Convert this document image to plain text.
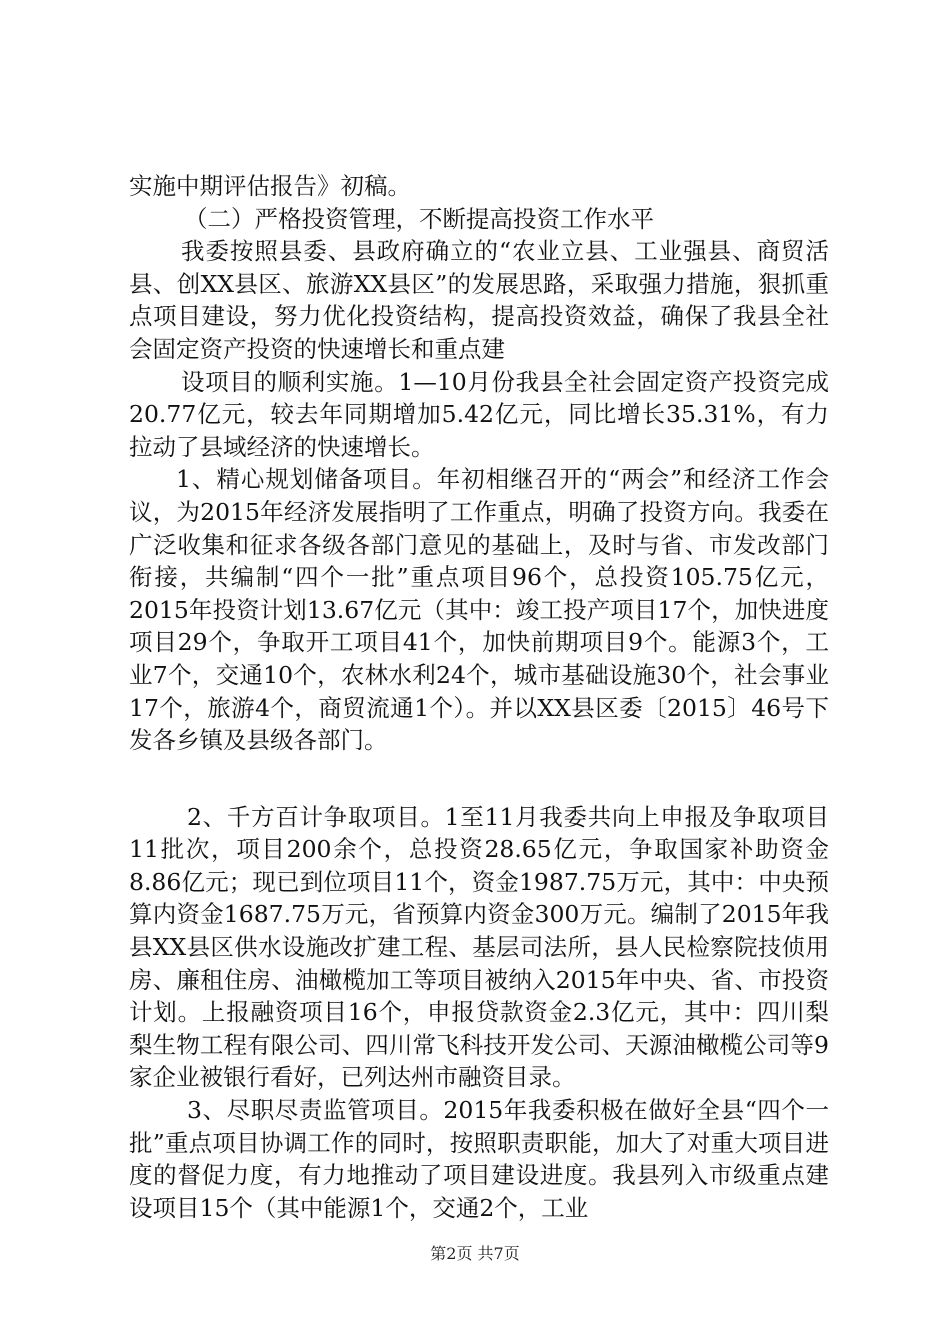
实施中期评估报告》初稿。

（二）严格投资管理，不断提高投资工作水平

我委按照县委、县政府确立的“农业立县、工业强县、商贸活县、创XX县区、旅游XX县区”的发展思路，采取强力措施，狠抓重点项目建设，努力优化投资结构，提高投资效益，确保了我县全社会固定资产投资的快速增长和重点建

设项目的顺利实施。1—10月份我县全社会固定资产投资完成20.77亿元，较去年同期增加5.42亿元，同比增长35.31%，有力拉动了县域经济的快速增长。

1、精心规划储备项目。年初相继召开的“两会”和经济工作会议，为2015年经济发展指明了工作重点，明确了投资方向。我委在广泛收集和征求各级各部门意见的基础上，及时与省、市发改部门衔接，共编制“四个一批”重点项目96个，总投资105.75亿元，2015年投资计划13.67亿元（其中：竣工投产项目17个，加快进度项目29个，争取开工项目41个，加快前期项目9个。能源3个，工业7个，交通10个，农林水利24个，城市基础设施30个，社会事业17个，旅游4个，商贸流通1个）。并以XX县区委〔2015〕46号下发各乡镇及县级各部门。

2、千方百计争取项目。1至11月我委共向上申报及争取项目11批次，项目200余个，总投资28.65亿元，争取国家补助资金8.86亿元；现已到位项目11个，资金1987.75万元，其中：中央预算内资金1687.75万元，省预算内资金300万元。编制了2015年我县XX县区供水设施改扩建工程、基层司法所，县人民检察院技侦用房、廉租住房、油橄榄加工等项目被纳入2015年中央、省、市投资计划。上报融资项目16个，申报贷款资金2.3亿元，其中：四川梨梨生物工程有限公司、四川常飞科技开发公司、天源油橄榄公司等9家企业被银行看好，已列达州市融资目录。

3、尽职尽责监管项目。2015年我委积极在做好全县“四个一批”重点项目协调工作的同时，按照职责职能，加大了对重大项目进度的督促力度，有力地推动了项目建设进度。我县列入市级重点建设项目15个（其中能源1个，交通2个，工业

第2页 共7页
